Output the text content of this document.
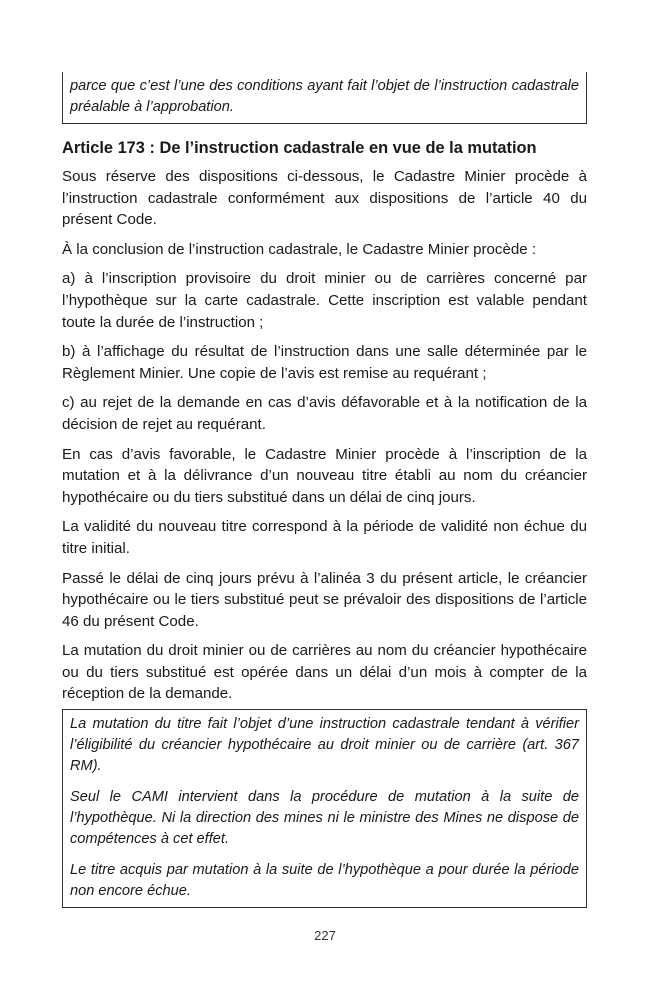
parce que c’est l’une des conditions ayant fait l’objet de l’instruction cadastrale préalable à l’approbation.

Article 173 : De l’instruction cadastrale en vue de la mutation

Sous réserve des dispositions ci-dessous, le Cadastre Minier procède à l’instruction cadastrale conformément aux dispositions de l’article 40 du présent Code.

À la conclusion de l’instruction cadastrale, le Cadastre Minier procède :

a) à l’inscription provisoire du droit minier ou de carrières concerné par l’hypothèque sur la carte cadastrale. Cette inscription est valable pendant toute la durée de l’instruction ;

b) à l’affichage du résultat de l’instruction dans une salle déterminée par le Règlement Minier. Une copie de l’avis est remise au requérant ;

c) au rejet de la demande en cas d’avis défavorable et à la notification de la décision de rejet au requérant.

En cas d’avis favorable, le Cadastre Minier procède à l’inscription de la mutation et à la délivrance d’un nouveau titre établi au nom du créancier hypothécaire ou du tiers substitué dans un délai de cinq jours.

La validité du nouveau titre correspond à la période de validité non échue du titre initial.

Passé le délai de cinq jours prévu à l’alinéa 3 du présent article, le créancier hypothécaire ou le tiers substitué peut se prévaloir des dispositions de l’article 46 du présent Code.

La mutation du droit minier ou de carrières au nom du créancier hypothécaire ou du tiers substitué est opérée dans un délai d’un mois à compter de la réception de la demande.

La mutation du titre fait l’objet d’une instruction cadastrale tendant à vérifier l’éligibilité du créancier hypothécaire au droit minier ou de carrière (art. 367 RM).

Seul le CAMI intervient dans la procédure de mutation à la suite de l’hypothèque. Ni la direction des mines ni le ministre des Mines ne dispose de compétences à cet effet.

Le titre acquis par mutation à la suite de l’hypothèque a pour durée la période non encore échue.

227
